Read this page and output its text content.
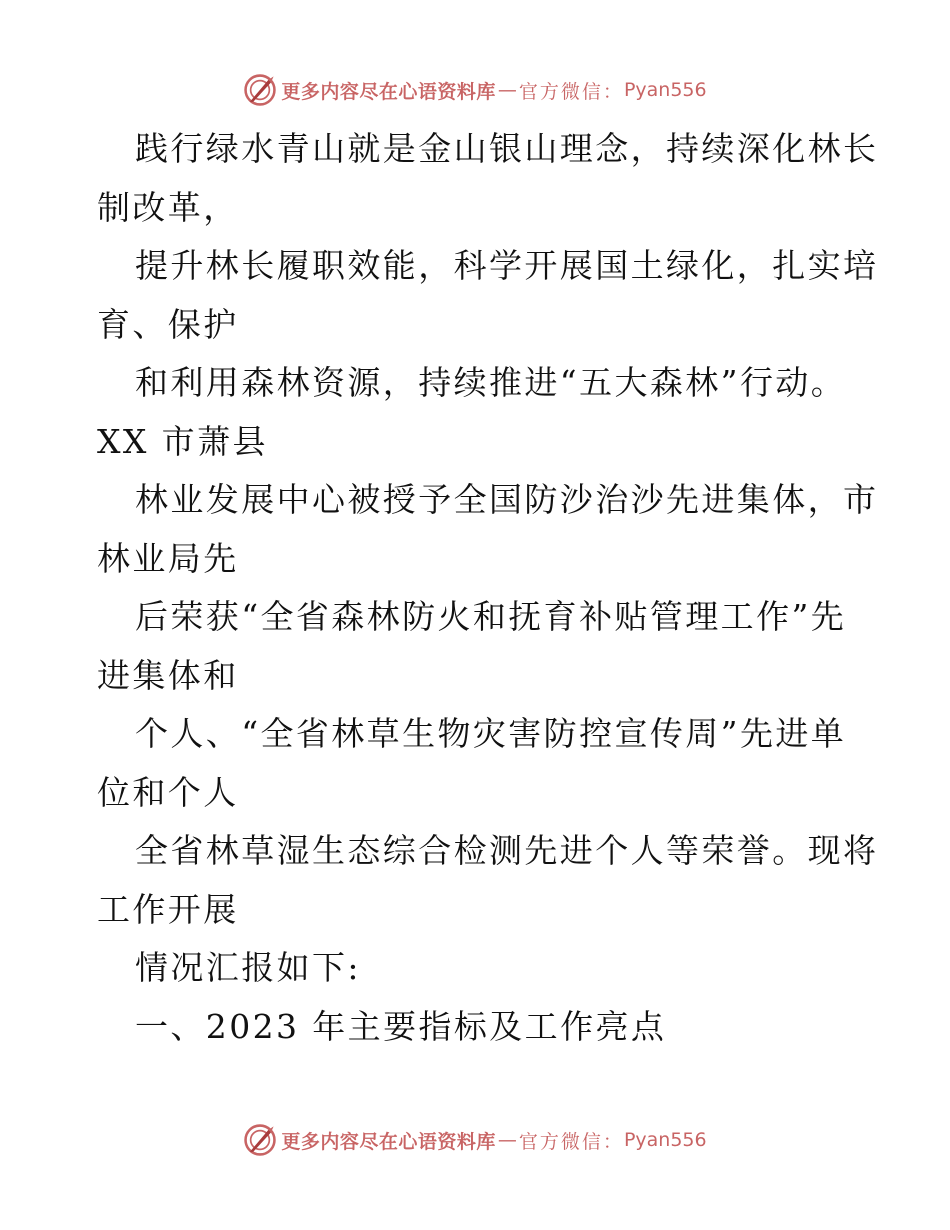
更多内容尽在心语资料库 — 官方微信： Pyan556
践行绿水青山就是金山银山理念，持续深化林长
制改革，
提升林长履职效能，科学开展国土绿化，扎实培
育、保护
和利用森林资源，持续推进“五大森林”行动。
XX 市萧县
林业发展中心被授予全国防沙治沙先进集体，市
林业局先
后荣获“全省森林防火和抚育补贴管理工作”先
进集体和
个人、“全省林草生物灾害防控宣传周”先进单
位和个人
全省林草湿生态综合检测先进个人等荣誉。现将
工作开展
情况汇报如下:
一、2023 年主要指标及工作亮点
更多内容尽在心语资料库 — 官方微信： Pyan556
